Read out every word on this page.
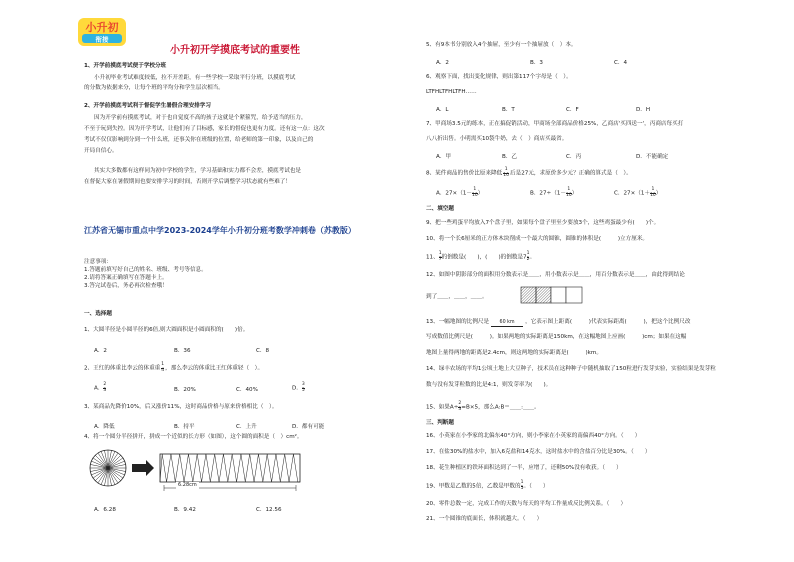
小升初
衔接
小升初开学摸底考试的重要性
1、开学前摸底考试便于学校分班
小升初毕业考试难度较低，拉不开差距，有一些学校一采取平行分班，以摸底考试
的分数为依据来分，让每个班的平均分和学生层次相当。
2、开学前摸底考试利于督促学生暑假合理安排学习
因为开学前有摸底考试，对于也自觉度不高的孩子这就是个紧箍咒，给予适当的压力，
不至于玩到失控。因为开学考试，让他们有了目标感，家长的督促也更有力度。还有这一点：这次
考试不仅仅影响到分到一个什么班，还事关你在班级的位置，给老师的第一印象，以及自己的
开局自信心。
其实大多数都有这样同为初中学校的学生，学习基础和实力都不会差，摸底考试也是
在督促大家在暑假期间也要安排学习的时间，否则开学后调整学习状态就有些难了！
江苏省无锡市重点中学2023-2024学年小升初分班考数学冲刺卷（苏教版）
注意事项：
1.答题前填写好自己的姓名、班级、考号等信息。
2.请将答案正确填写在答题卡上。
3.答完试卷后，务必再次检查哦！
一、选择题
1、大圆半径是小圆半径的6倍,则大圆面积是小圆面积的(　　)倍。
A．2	B．36	C．8
2、王红的体重比李云的体重重 $\frac{1}{4}$ ，那么李云的体重比王红体重轻（　）。
A． $\frac{2}{3}$	B．20%	C．40%	D． $\frac{3}{5}$
3、某商品先降价10%，后又涨价11%，这时商品价格与原来价格相比（　）。
A．降低	B．持平	C．上升	D．都有可能
4、将一个圆分半径拼开，拼成一个近似的长方形（如图），这个圆的面积是（　）cm²。
6.28cm
A．6.28	B．9.42	C．12.56
5、有9本书分别放入4个抽屉，至少有一个抽屉放（　）本。
A．2	B．3	C．4
6、观察下面，找出变化规律，则出第117个字母是（　）。
LTFHLTFHLTFH……
A．L	B．T	C．F	D．H
7、甲商场3.5元的练本，正在搞促销活动，甲商场全部商品价格25%，乙商店'买四送一'，丙商店每买打
八八折出售。小明需买10袋牛奶，去（　）商店买最省。
A．甲	B．乙	C．丙	D．不能确定
8、某件商品的售价比原来降低 $\frac{1}{10}$ 后是27元，求原价多少元？正确的算式是（　）。
A．$27\times(1- \frac{1}{10}$ ）	B．$27\div(1- \frac{1}{10}$ ）	C．$27\times(1+ \frac{1}{10}$ ）
二、填空题
9、把一些鸡蛋平均放入7个盘子里，如果每个盘子里至少要放3个，这些鸡蛋最少有(　　)个。
10、将一个长6厘米的正方体木块削成一个最大的圆锥，圆锥的体积是(　　　)立方厘米。
11、 $\frac{1}{7}$ 的倒数是(　　)，(　　)的倒数是$7 \frac{1}{2}$ 。
12、如图中阴影部分的面积用分数表示是＿＿，用小数表示是＿＿，用百分数表示是＿＿，由此得到结论
到了＿＿，＿＿，＿＿。
13、一幅地图的比例尺是 60 km ，它表示图上距离(　　　)代表实际距离(　　　)，把这个比例尺改
写成数值比例尺是(　　　)。如果两地的实际距离是150km，在这幅地图上应画(　　　)cm；如果在这幅
地图上量得两地的距离是2.4cm，则这两地的实际距离是(　　　)km。
14、绿丰农场的平均1公顷土地上大豆种子，技术员在这种种子中随机抽取了150粒进行发芽实验，实验结果是发芽粒
数与没有发芽粒数的比是4:1，则发芽率为(　　)。
15、如果$A\div \frac{2}{3} =B\times 5$，那么A:B＝＿＿:＿＿。
三、判断题
16、小英家在小李家的北偏东40°方向，则小李家在小英家的南偏西40°方向。（　　）
17、在盐30%的盐水中，加入6克盐和14克水，这时盐水中的含盐百分比是30%。（　　）
18、花生种植区的铁环面积达到了一半，应增了，还剩50%没有收获。（　　）
19、甲数是乙数的5倍，乙数是甲数的 $\frac{1}{5}$ 。（　　）
20、零件总数一定，完成工作的天数与每天的平均工作量成反比例关系。（　　）
21、一个圆锥的底面长，体积就越大。（　　）
